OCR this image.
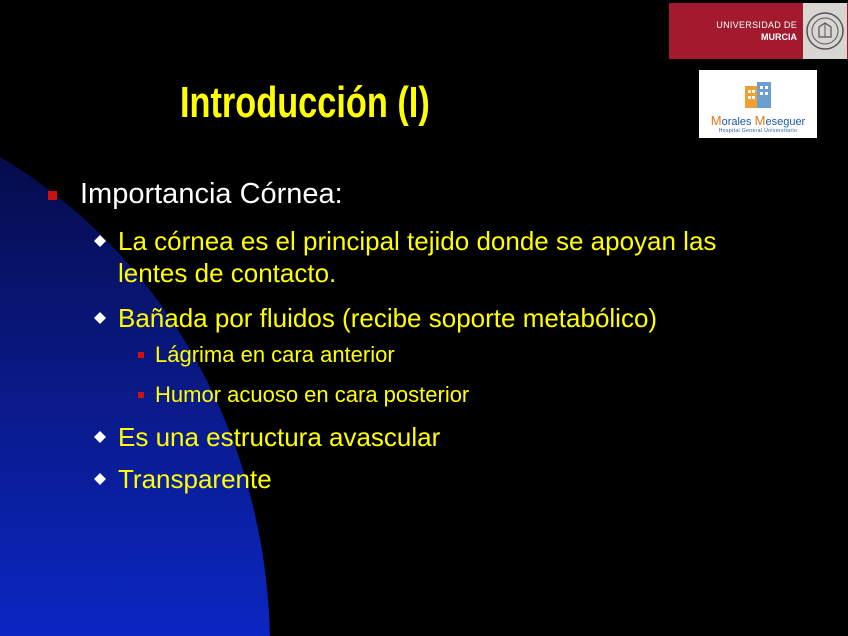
UNIVERSIDAD DE
MURCIA
Morales Meseguer
Hospital General Universitario
Introducción (I)
Importancia Córnea:
La córnea es el principal tejido donde se apoyan las
lentes de contacto.
Bañada por fluidos (recibe soporte metabólico)
Lágrima en cara anterior
Humor acuoso en cara posterior
Es una estructura avascular
Transparente
